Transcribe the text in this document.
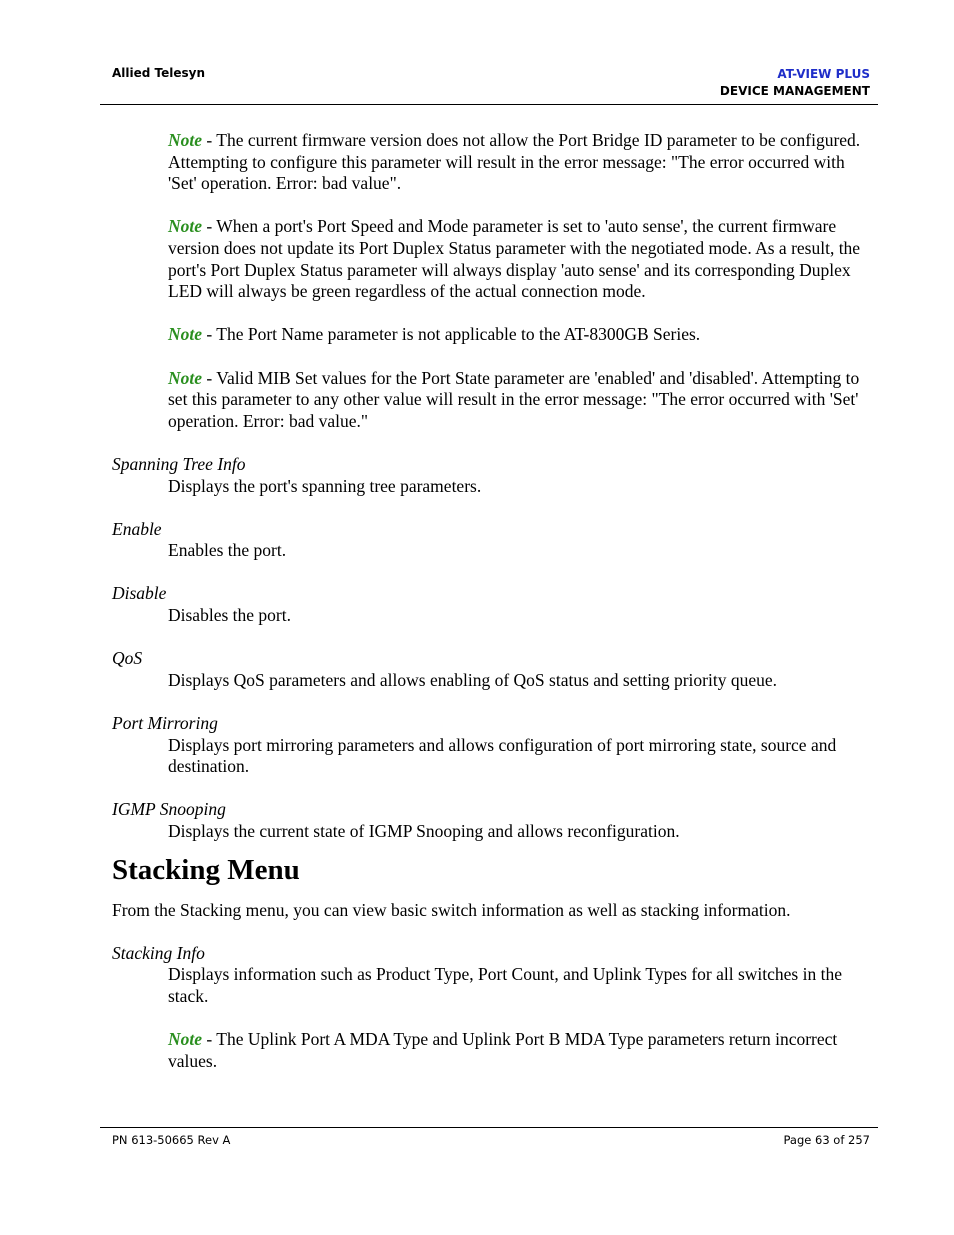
Allied Telesyn	AT-VIEW PLUS
DEVICE MANAGEMENT

Note - The current firmware version does not allow the Port Bridge ID parameter to be configured. Attempting to configure this parameter will result in the error message: "The error occurred with 'Set' operation. Error: bad value".

Note - When a port's Port Speed and Mode parameter is set to 'auto sense', the current firmware version does not update its Port Duplex Status parameter with the negotiated mode. As a result, the port's Port Duplex Status parameter will always display 'auto sense' and its corresponding Duplex LED will always be green regardless of the actual connection mode.

Note - The Port Name parameter is not applicable to the AT-8300GB Series.

Note - Valid MIB Set values for the Port State parameter are 'enabled' and 'disabled'. Attempting to set this parameter to any other value will result in the error message: "The error occurred with 'Set' operation. Error: bad value."

Spanning Tree Info

Displays the port's spanning tree parameters.

Enable

Enables the port.

Disable

Disables the port.

QoS

Displays QoS parameters and allows enabling of QoS status and setting priority queue.

Port Mirroring

Displays port mirroring parameters and allows configuration of port mirroring state, source and destination.

IGMP Snooping

Displays the current state of IGMP Snooping and allows reconfiguration.

Stacking Menu

From the Stacking menu, you can view basic switch information as well as stacking information.

Stacking Info

Displays information such as Product Type, Port Count, and Uplink Types for all switches in the stack.

Note - The Uplink Port A MDA Type and Uplink Port B MDA Type parameters return incorrect values.

PN 613-50665 Rev A	Page 63 of 257
